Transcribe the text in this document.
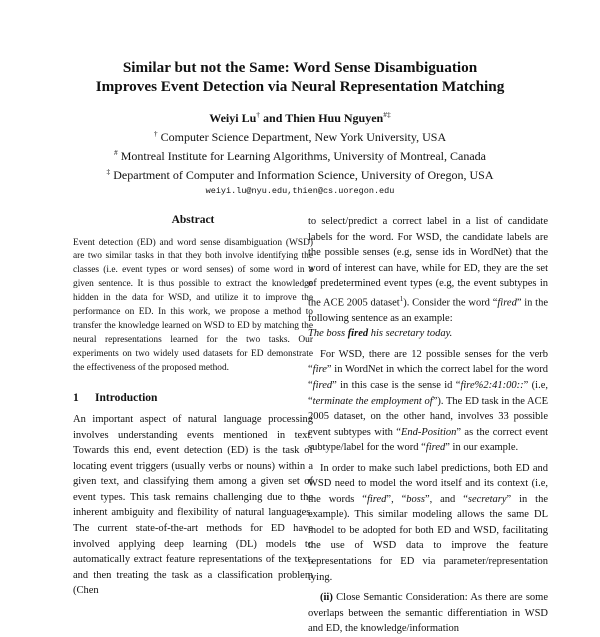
Similar but not the Same: Word Sense Disambiguation
Improves Event Detection via Neural Representation Matching
Weiyi Lu† and Thien Huu Nguyen#‡
† Computer Science Department, New York University, USA
# Montreal Institute for Learning Algorithms, University of Montreal, Canada
‡ Department of Computer and Information Science, University of Oregon, USA
weiyi.lu@nyu.edu,thien@cs.uoregon.edu
Abstract

Event detection (ED) and word sense disambiguation (WSD) are two similar tasks in that they both involve identifying the classes (i.e. event types or word senses) of some word in a given sentence. It is thus possible to extract the knowledge hidden in the data for WSD, and utilize it to improve the performance on ED. In this work, we propose a method to transfer the knowledge learned on WSD to ED by matching the neural representations learned for the two tasks. Our experiments on two widely used datasets for ED demonstrate the effectiveness of the proposed method.

1 Introduction

An important aspect of natural language processing involves understanding events mentioned in text. Towards this end, event detection (ED) is the task of locating event triggers (usually verbs or nouns) within a given text, and classifying them among a given set of event types. This task remains challenging due to the inherent ambiguity and flexibility of natural languages. The current state-of-the-art methods for ED have involved applying deep learning (DL) models to automatically extract feature representations of the text, and then treating the task as a classification problem (Chen

to select/predict a correct label in a list of candidate labels for the word. For WSD, the candidate labels are the possible senses (e.g, sense ids in WordNet) that the word of interest can have, while for ED, they are the set of predetermined event types (e.g, the event subtypes in the ACE 2005 dataset$^1$). Consider the word “fired” in the following sentence as an example:

The boss fired his secretary today.

For WSD, there are 12 possible senses for the verb “fire” in WordNet in which the correct label for the word “fired” in this case is the sense id “fire%2:41:00::” (i.e, “terminate the employment of”). The ED task in the ACE 2005 dataset, on the other hand, involves 33 possible event subtypes with “End-Position” as the correct event subtype/label for the word “fired” in our example.

In order to make such label predictions, both ED and WSD need to model the word itself and its context (i.e, the words “fired”, “boss”, and “secretary” in the example). This similar modeling allows the same DL model to be adopted for both ED and WSD, facilitating the use of WSD data to improve the feature representations for ED via parameter/representation tying.

(ii) Close Semantic Consideration: As there are some overlaps between the semantic differentiation in WSD and ED, the knowledge/information
